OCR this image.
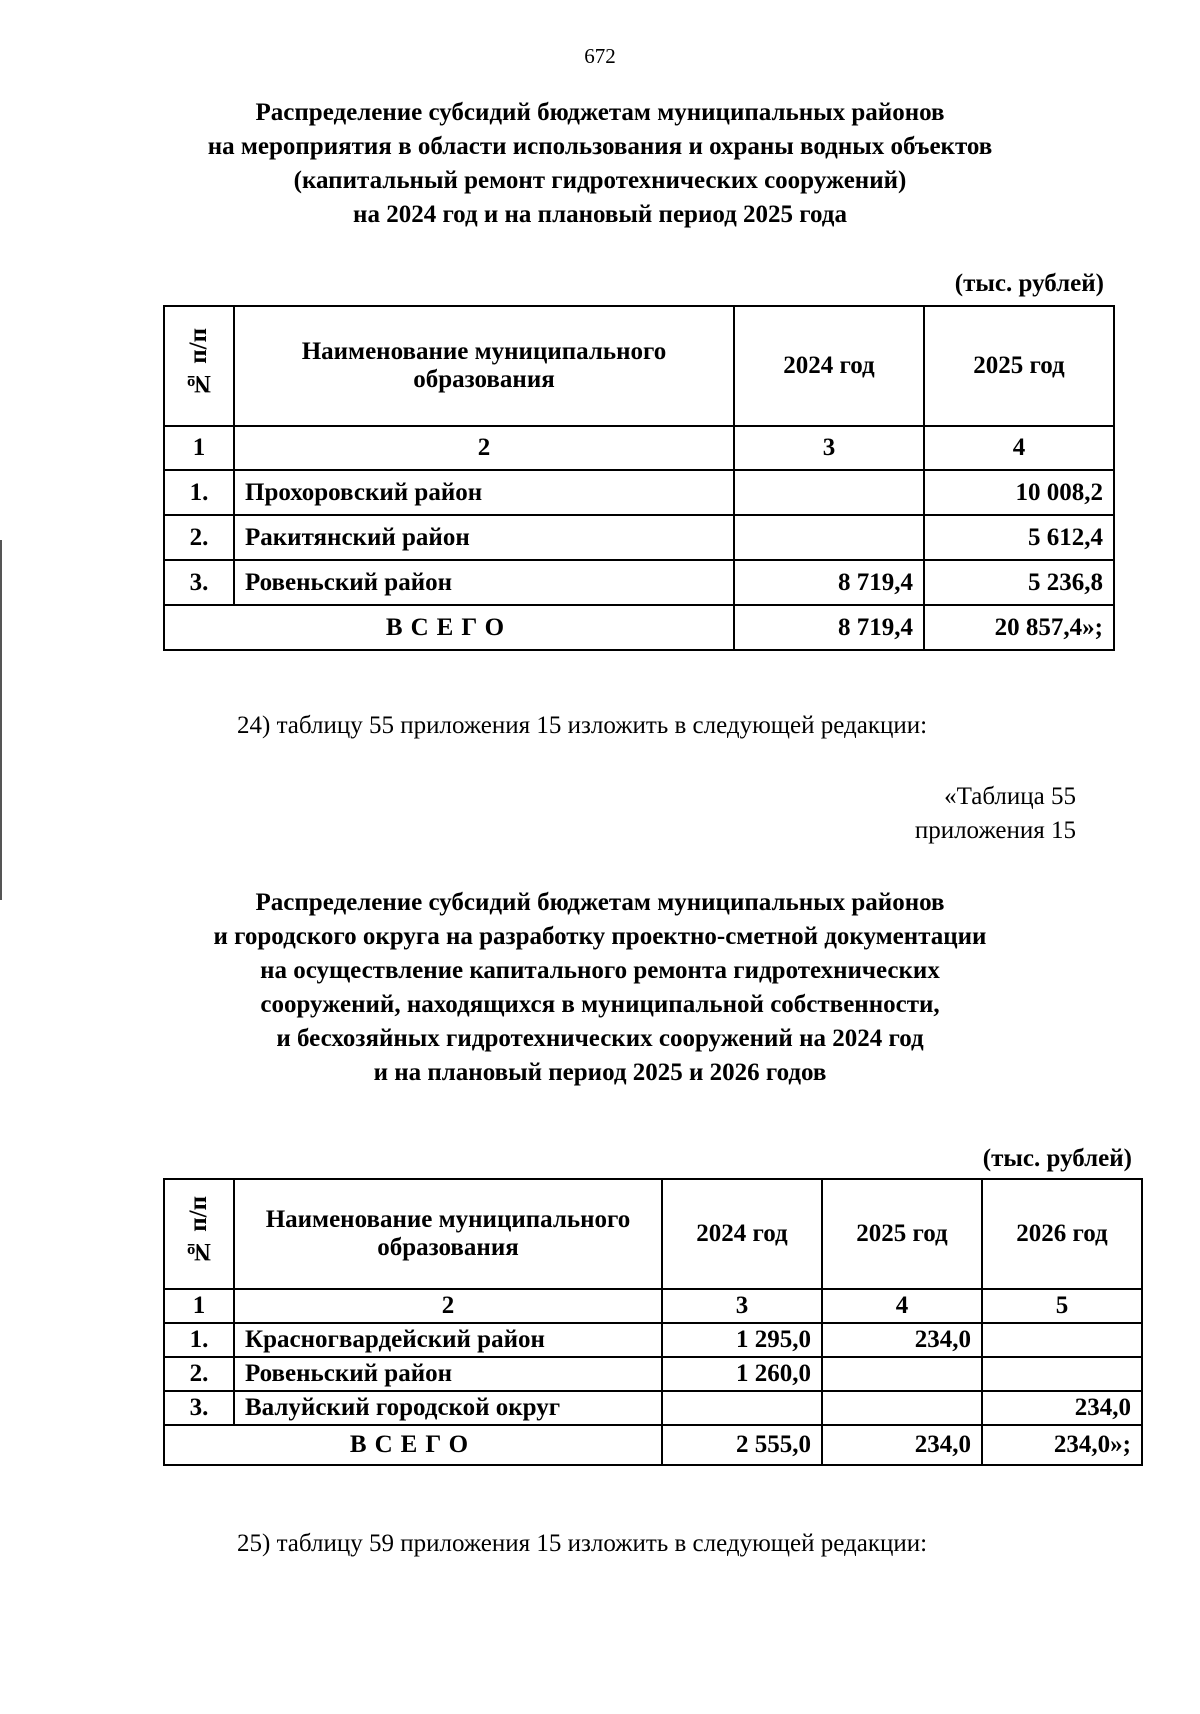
672
Распределение субсидий бюджетам муниципальных районов
на мероприятия в области использования и охраны водных объектов
(капитальный ремонт гидротехнических сооружений)
на 2024 год и на плановый период 2025 года
(тыс. рублей)
№ п/п	Наименование муниципального образования	2024 год	2025 год
1	2	3	4
1.	Прохоровский район		10 008,2
2.	Ракитянский район		5 612,4
3.	Ровеньский район	8 719,4	5 236,8
ВСЕГО		8 719,4	20 857,4»;
24) таблицу 55 приложения 15 изложить в следующей редакции:
«Таблица 55
приложения 15
Распределение субсидий бюджетам муниципальных районов
и городского округа на разработку проектно-сметной документации
на осуществление капитального ремонта гидротехнических
сооружений, находящихся в муниципальной собственности,
и бесхозяйных гидротехнических сооружений на 2024 год
и на плановый период 2025 и 2026 годов
(тыс. рублей)
№ п/п	Наименование муниципального образования	2024 год	2025 год	2026 год
1	2	3	4	5
1.	Красногвардейский район	1 295,0	234,0	
2.	Ровеньский район	1 260,0		
3.	Валуйский городской округ			234,0
ВСЕГО		2 555,0	234,0	234,0»;
25) таблицу 59 приложения 15 изложить в следующей редакции:
